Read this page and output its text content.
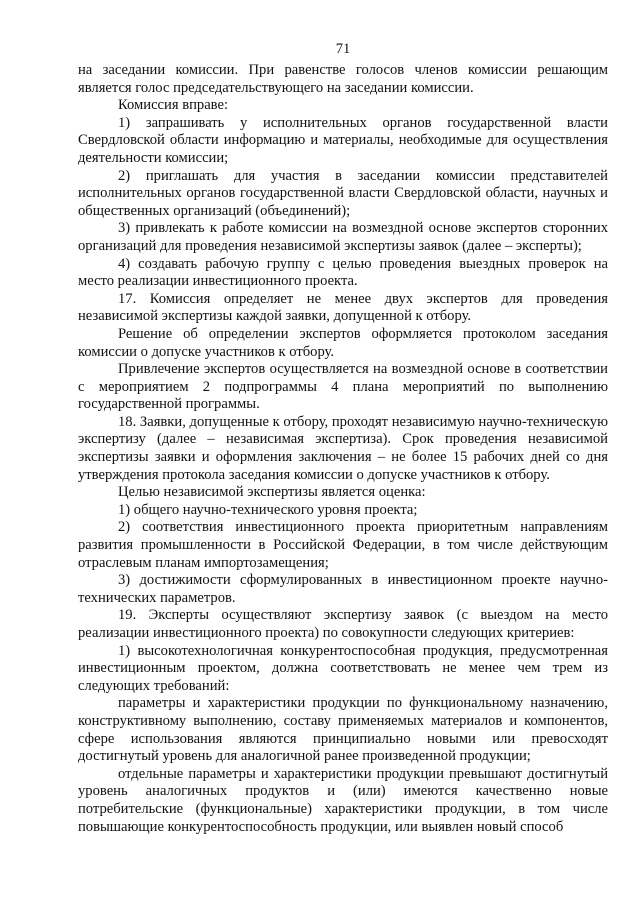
71

на заседании комиссии. При равенстве голосов членов комиссии решающим является голос председательствующего на заседании комиссии.

Комиссия вправе:

1) запрашивать у исполнительных органов государственной власти Свердловской области информацию и материалы, необходимые для осуществления деятельности комиссии;

2) приглашать для участия в заседании комиссии представителей исполнительных органов государственной власти Свердловской области, научных и общественных организаций (объединений);

3) привлекать к работе комиссии на возмездной основе экспертов сторонних организаций для проведения независимой экспертизы заявок (далее – эксперты);

4) создавать рабочую группу с целью проведения выездных проверок на место реализации инвестиционного проекта.

17. Комиссия определяет не менее двух экспертов для проведения независимой экспертизы каждой заявки, допущенной к отбору.

Решение об определении экспертов оформляется протоколом заседания комиссии о допуске участников к отбору.

Привлечение экспертов осуществляется на возмездной основе в соответствии с мероприятием 2 подпрограммы 4 плана мероприятий по выполнению государственной программы.

18. Заявки, допущенные к отбору, проходят независимую научно-техническую экспертизу (далее – независимая экспертиза). Срок проведения независимой экспертизы заявки и оформления заключения – не более 15 рабочих дней со дня утверждения протокола заседания комиссии о допуске участников к отбору.

Целью независимой экспертизы является оценка:

1) общего научно-технического уровня проекта;

2) соответствия инвестиционного проекта приоритетным направлениям развития промышленности в Российской Федерации, в том числе действующим отраслевым планам импортозамещения;

3) достижимости сформулированных в инвестиционном проекте научно-технических параметров.

19. Эксперты осуществляют экспертизу заявок (с выездом на место реализации инвестиционного проекта) по совокупности следующих критериев:

1) высокотехнологичная конкурентоспособная продукция, предусмотренная инвестиционным проектом, должна соответствовать не менее чем трем из следующих требований:

параметры и характеристики продукции по функциональному назначению, конструктивному выполнению, составу применяемых материалов и компонентов, сфере использования являются принципиально новыми или превосходят достигнутый уровень для аналогичной ранее произведенной продукции;

отдельные параметры и характеристики продукции превышают достигнутый уровень аналогичных продуктов и (или) имеются качественно новые потребительские (функциональные) характеристики продукции, в том числе повышающие конкурентоспособность продукции, или выявлен новый способ
